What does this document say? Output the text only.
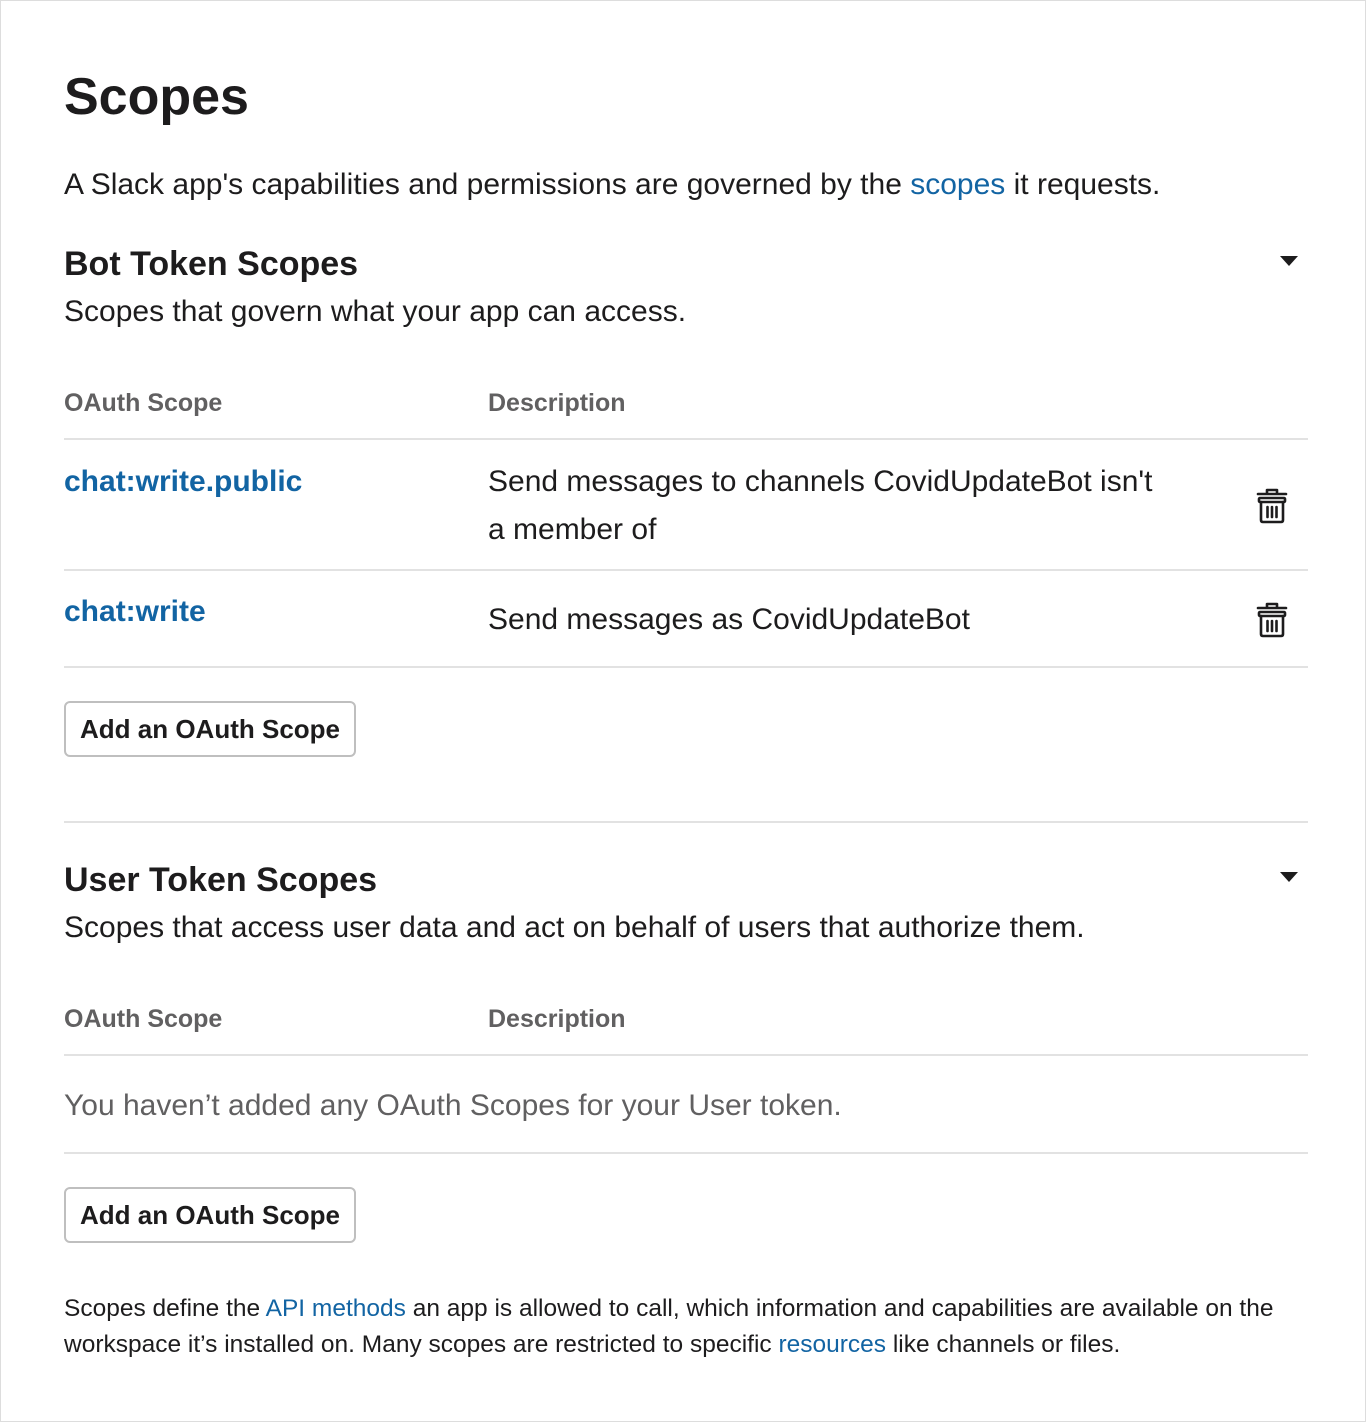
Scopes
A Slack app's capabilities and permissions are governed by the scopes it requests.
Bot Token Scopes
Scopes that govern what your app can access.
OAuth Scope	Description
chat:write.public	Send messages to channels CovidUpdateBot isn't a member of
chat:write	Send messages as CovidUpdateBot
Add an OAuth Scope
User Token Scopes
Scopes that access user data and act on behalf of users that authorize them.
OAuth Scope	Description
You haven’t added any OAuth Scopes for your User token.
Add an OAuth Scope
Scopes define the API methods an app is allowed to call, which information and capabilities are available on the workspace it’s installed on. Many scopes are restricted to specific resources like channels or files.
